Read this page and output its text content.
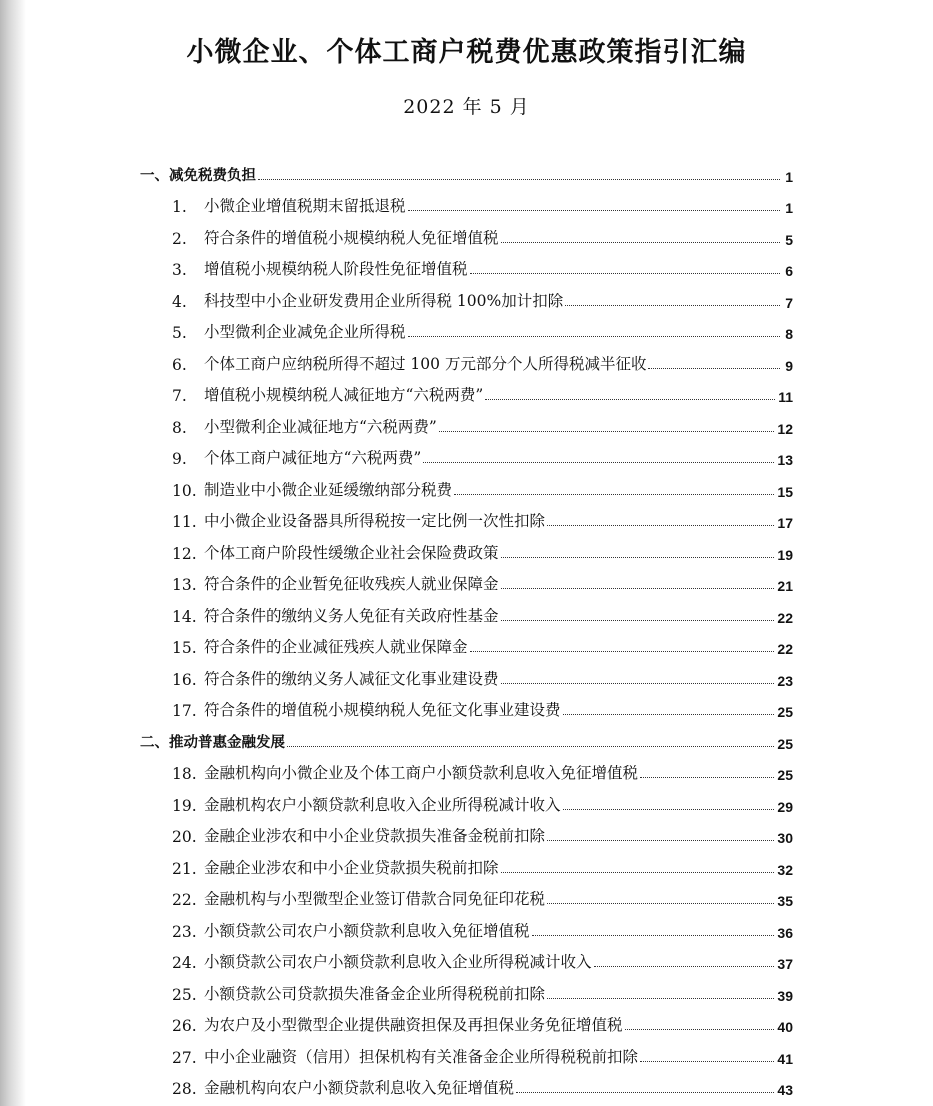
小微企业、个体工商户税费优惠政策指引汇编
2022 年 5 月
一、减免税费负担	1
1.	小微企业增值税期末留抵退税	1
2.	符合条件的增值税小规模纳税人免征增值税	5
3.	增值税小规模纳税人阶段性免征增值税	6
4.	科技型中小企业研发费用企业所得税 100%加计扣除	7
5.	小型微利企业减免企业所得税	8
6.	个体工商户应纳税所得不超过 100 万元部分个人所得税减半征收	9
7.	增值税小规模纳税人减征地方“六税两费”	11
8.	小型微利企业减征地方“六税两费”	12
9.	个体工商户减征地方“六税两费”	13
10. 制造业中小微企业延缓缴纳部分税费	15
11. 中小微企业设备器具所得税按一定比例一次性扣除	17
12. 个体工商户阶段性缓缴企业社会保险费政策	19
13. 符合条件的企业暂免征收残疾人就业保障金	21
14. 符合条件的缴纳义务人免征有关政府性基金	22
15. 符合条件的企业减征残疾人就业保障金	22
16. 符合条件的缴纳义务人减征文化事业建设费	23
17. 符合条件的增值税小规模纳税人免征文化事业建设费	25
二、推动普惠金融发展	25
18. 金融机构向小微企业及个体工商户小额贷款利息收入免征增值税	25
19. 金融机构农户小额贷款利息收入企业所得税减计收入	29
20. 金融企业涉农和中小企业贷款损失准备金税前扣除	30
21. 金融企业涉农和中小企业贷款损失税前扣除	32
22. 金融机构与小型微型企业签订借款合同免征印花税	35
23. 小额贷款公司农户小额贷款利息收入免征增值税	36
24. 小额贷款公司农户小额贷款利息收入企业所得税减计收入	37
25. 小额贷款公司贷款损失准备金企业所得税税前扣除	39
26. 为农户及小型微型企业提供融资担保及再担保业务免征增值税	40
27. 中小企业融资（信用）担保机构有关准备金企业所得税税前扣除	41
28. 金融机构向农户小额贷款利息收入免征增值税	43
